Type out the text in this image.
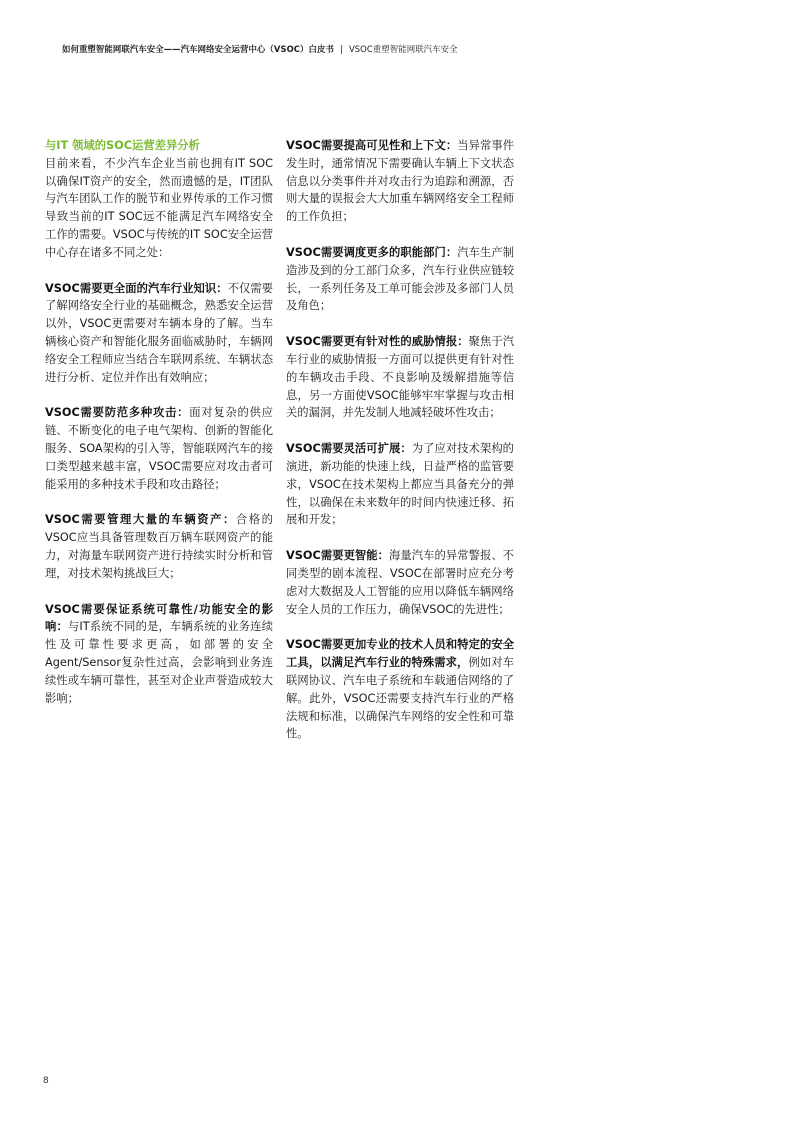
如何重塑智能网联汽车安全——汽车网络安全运营中心（VSOC）白皮书 | VSOC重塑智能网联汽车安全

与IT 领域的SOC运营差异分析

目前来看，不少汽车企业当前也拥有IT SOC以确保IT资产的安全，然而遗憾的是，IT团队与汽车团队工作的脱节和业界传承的工作习惯导致当前的IT SOC远不能满足汽车网络安全工作的需要。VSOC与传统的IT SOC安全运营中心存在诸多不同之处：

VSOC需要更全面的汽车行业知识：不仅需要了解网络安全行业的基础概念，熟悉安全运营以外，VSOC更需要对车辆本身的了解。当车辆核心资产和智能化服务面临威胁时，车辆网络安全工程师应当结合车联网系统、车辆状态进行分析、定位并作出有效响应；

VSOC需要防范多种攻击：面对复杂的供应链、不断变化的电子电气架构、创新的智能化服务、SOA架构的引入等，智能联网汽车的接口类型越来越丰富，VSOC需要应对攻击者可能采用的多种技术手段和攻击路径；

VSOC需要管理大量的车辆资产：合格的VSOC应当具备管理数百万辆车联网资产的能力，对海量车联网资产进行持续实时分析和管理，对技术架构挑战巨大；

VSOC需要保证系统可靠性/功能安全的影响：与IT系统不同的是，车辆系统的业务连续性及可靠性要求更高，如部署的安全Agent/Sensor复杂性过高，会影响到业务连续性或车辆可靠性，甚至对企业声誉造成较大影响；

VSOC需要提高可见性和上下文：当异常事件发生时，通常情况下需要确认车辆上下文状态信息以分类事件并对攻击行为追踪和溯源，否则大量的误报会大大加重车辆网络安全工程师的工作负担；

VSOC需要调度更多的职能部门：汽车生产制造涉及到的分工部门众多，汽车行业供应链较长，一系列任务及工单可能会涉及多部门人员及角色；

VSOC需要更有针对性的威胁情报：聚焦于汽车行业的威胁情报一方面可以提供更有针对性的车辆攻击手段、不良影响及缓解措施等信息，另一方面使VSOC能够牢牢掌握与攻击相关的漏洞，并先发制人地减轻破坏性攻击；

VSOC需要灵活可扩展：为了应对技术架构的演进，新功能的快速上线，日益严格的监管要求，VSOC在技术架构上都应当具备充分的弹性，以确保在未来数年的时间内快速迁移、拓展和开发；

VSOC需要更智能：海量汽车的异常警报、不同类型的剧本流程、VSOC在部署时应充分考虑对大数据及人工智能的应用以降低车辆网络安全人员的工作压力，确保VSOC的先进性；

VSOC需要更加专业的技术人员和特定的安全工具，以满足汽车行业的特殊需求，例如对车联网协议、汽车电子系统和车载通信网络的了解。此外，VSOC还需要支持汽车行业的严格法规和标准，以确保汽车网络的安全性和可靠性。

8
